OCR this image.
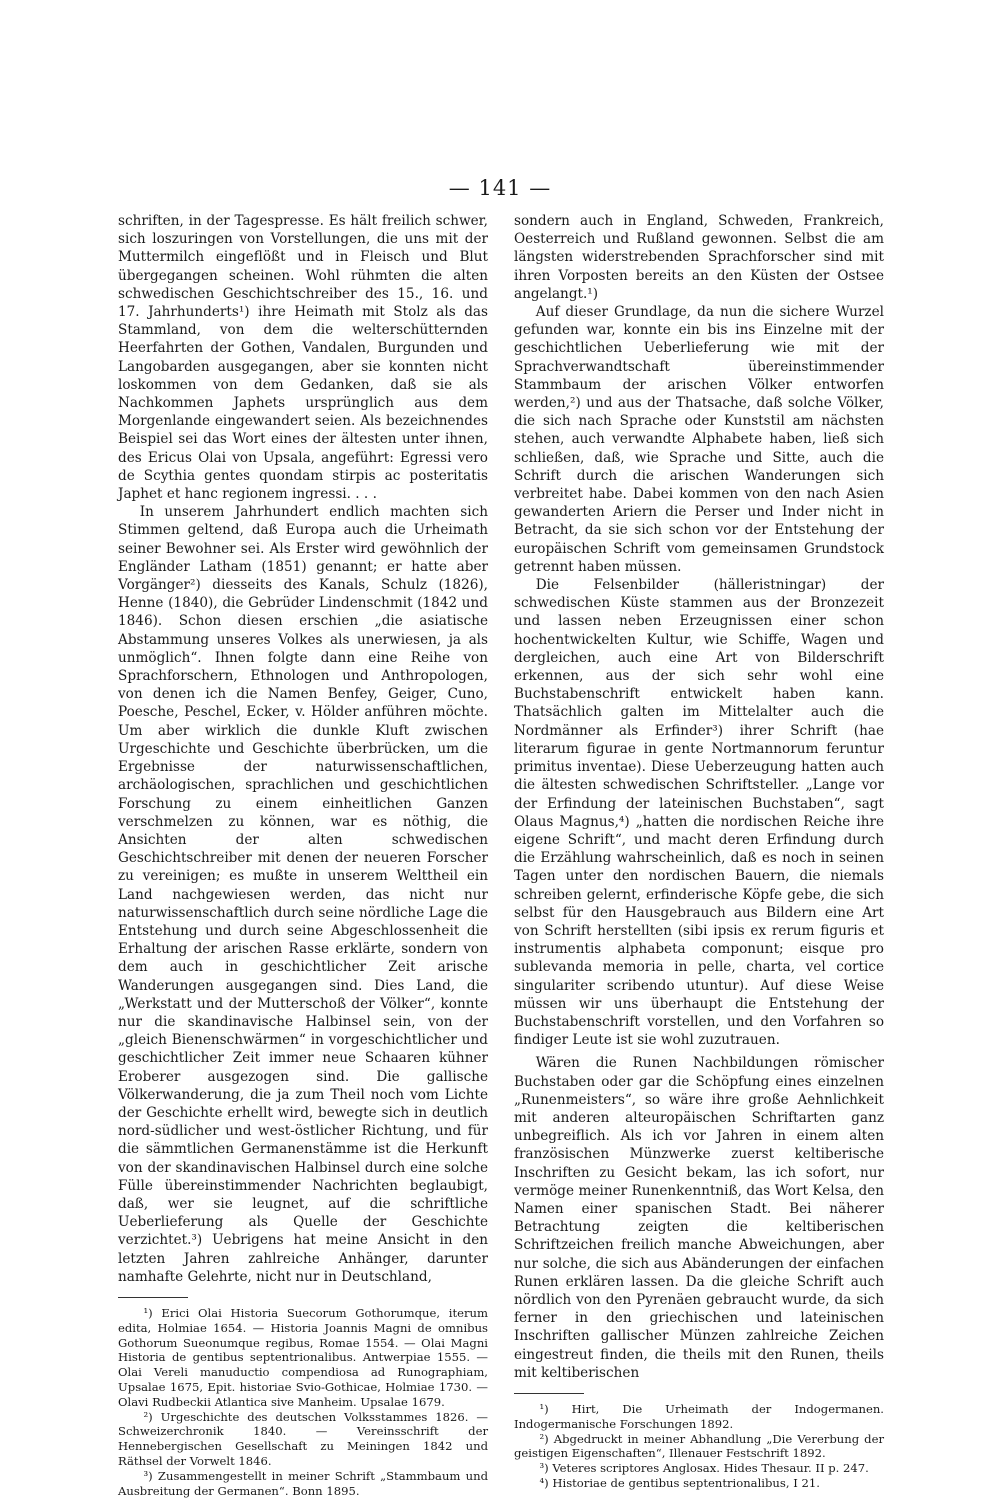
— 141 —

schriften, in der Tagespresse. Es hält freilich schwer, sich loszuringen von Vorstellungen, die uns mit der Muttermilch eingeflößt und in Fleisch und Blut übergegangen scheinen. Wohl rühmten die alten schwedischen Geschichtschreiber des 15., 16. und 17. Jahrhunderts¹) ihre Heimath mit Stolz als das Stammland, von dem die welterschütternden Heerfahrten der Gothen, Vandalen, Burgunden und Langobarden ausgegangen, aber sie konnten nicht loskommen von dem Gedanken, daß sie als Nachkommen Japhets ursprünglich aus dem Morgenlande eingewandert seien. Als bezeichnendes Beispiel sei das Wort eines der ältesten unter ihnen, des Ericus Olai von Upsala, angeführt: Egressi vero de Scythia gentes quondam stirpis ac posteritatis Japhet et hanc regionem ingressi. . . .

In unserem Jahrhundert endlich machten sich Stimmen geltend, daß Europa auch die Urheimath seiner Bewohner sei. Als Erster wird gewöhnlich der Engländer Latham (1851) genannt; er hatte aber Vorgänger²) diesseits des Kanals, Schulz (1826), Henne (1840), die Gebrüder Lindenschmit (1842 und 1846). Schon diesen erschien „die asiatische Abstammung unseres Volkes als unerwiesen, ja als unmöglich“. Ihnen folgte dann eine Reihe von Sprachforschern, Ethnologen und Anthropologen, von denen ich die Namen Benfey, Geiger, Cuno, Poesche, Peschel, Ecker, v. Hölder anführen möchte. Um aber wirklich die dunkle Kluft zwischen Urgeschichte und Geschichte überbrücken, um die Ergebnisse der naturwissenschaftlichen, archäologischen, sprachlichen und geschichtlichen Forschung zu einem einheitlichen Ganzen verschmelzen zu können, war es nöthig, die Ansichten der alten schwedischen Geschichtschreiber mit denen der neueren Forscher zu vereinigen; es mußte in unserem Welttheil ein Land nachgewiesen werden, das nicht nur naturwissenschaftlich durch seine nördliche Lage die Entstehung und durch seine Abgeschlossenheit die Erhaltung der arischen Rasse erklärte, sondern von dem auch in geschichtlicher Zeit arische Wanderungen ausgegangen sind. Dies Land, die „Werkstatt und der Mutterschoß der Völker“, konnte nur die skandinavische Halbinsel sein, von der „gleich Bienenschwärmen“ in vorgeschichtlicher und geschichtlicher Zeit immer neue Schaaren kühner Eroberer ausgezogen sind. Die gallische Völkerwanderung, die ja zum Theil noch vom Lichte der Geschichte erhellt wird, bewegte sich in deutlich nord-südlicher und west-östlicher Richtung, und für die sämmtlichen Germanenstämme ist die Herkunft von der skandinavischen Halbinsel durch eine solche Fülle übereinstimmender Nachrichten beglaubigt, daß, wer sie leugnet, auf die schriftliche Ueberlieferung als Quelle der Geschichte verzichtet.³) Uebrigens hat meine Ansicht in den letzten Jahren zahlreiche Anhänger, darunter namhafte Gelehrte, nicht nur in Deutschland,

¹) Erici Olai Historia Suecorum Gothorumque, iterum edita, Holmiae 1654. — Historia Joannis Magni de omnibus Gothorum Sueonumque regibus, Romae 1554. — Olai Magni Historia de gentibus septentrionalibus. Antwerpiae 1555. — Olai Vereli manuductio compendiosa ad Runographiam, Upsalae 1675, Epit. historiae Svio-Gothicae, Holmiae 1730. — Olavi Rudbeckii Atlantica sive Manheim. Upsalae 1679.

²) Urgeschichte des deutschen Volksstammes 1826. — Schweizerchronik 1840. — Vereinsschrift der Hennebergischen Gesellschaft zu Meiningen 1842 und Räthsel der Vorwelt 1846.

³) Zusammengestellt in meiner Schrift „Stammbaum und Ausbreitung der Germanen“. Bonn 1895.

sondern auch in England, Schweden, Frankreich, Oesterreich und Rußland gewonnen. Selbst die am längsten widerstrebenden Sprachforscher sind mit ihren Vorposten bereits an den Küsten der Ostsee angelangt.¹)

Auf dieser Grundlage, da nun die sichere Wurzel gefunden war, konnte ein bis ins Einzelne mit der geschichtlichen Ueberlieferung wie mit der Sprachverwandtschaft übereinstimmender Stammbaum der arischen Völker entworfen werden,²) und aus der Thatsache, daß solche Völker, die sich nach Sprache oder Kunststil am nächsten stehen, auch verwandte Alphabete haben, ließ sich schließen, daß, wie Sprache und Sitte, auch die Schrift durch die arischen Wanderungen sich verbreitet habe. Dabei kommen von den nach Asien gewanderten Ariern die Perser und Inder nicht in Betracht, da sie sich schon vor der Entstehung der europäischen Schrift vom gemeinsamen Grundstock getrennt haben müssen.

Die Felsenbilder (hälleristningar) der schwedischen Küste stammen aus der Bronzezeit und lassen neben Erzeugnissen einer schon hochentwickelten Kultur, wie Schiffe, Wagen und dergleichen, auch eine Art von Bilderschrift erkennen, aus der sich sehr wohl eine Buchstabenschrift entwickelt haben kann. Thatsächlich galten im Mittelalter auch die Nordmänner als Erfinder³) ihrer Schrift (hae literarum figurae in gente Nortmannorum feruntur primitus inventae). Diese Ueberzeugung hatten auch die ältesten schwedischen Schriftsteller. „Lange vor der Erfindung der lateinischen Buchstaben“, sagt Olaus Magnus,⁴) „hatten die nordischen Reiche ihre eigene Schrift“, und macht deren Erfindung durch die Erzählung wahrscheinlich, daß es noch in seinen Tagen unter den nordischen Bauern, die niemals schreiben gelernt, erfinderische Köpfe gebe, die sich selbst für den Hausgebrauch aus Bildern eine Art von Schrift herstellten (sibi ipsis ex rerum figuris et instrumentis alphabeta componunt; eisque pro sublevanda memoria in pelle, charta, vel cortice singulariter scribendo utuntur). Auf diese Weise müssen wir uns überhaupt die Entstehung der Buchstabenschrift vorstellen, und den Vorfahren so findiger Leute ist sie wohl zuzutrauen.

Wären die Runen Nachbildungen römischer Buchstaben oder gar die Schöpfung eines einzelnen „Runenmeisters“, so wäre ihre große Aehnlichkeit mit anderen alteuropäischen Schriftarten ganz unbegreiflich. Als ich vor Jahren in einem alten französischen Münzwerke zuerst keltiberische Inschriften zu Gesicht bekam, las ich sofort, nur vermöge meiner Runenkenntniß, das Wort Kelsa, den Namen einer spanischen Stadt. Bei näherer Betrachtung zeigten die keltiberischen Schriftzeichen freilich manche Abweichungen, aber nur solche, die sich aus Abänderungen der einfachen Runen erklären lassen. Da die gleiche Schrift auch nördlich von den Pyrenäen gebraucht wurde, da sich ferner in den griechischen und lateinischen Inschriften gallischer Münzen zahlreiche Zeichen eingestreut finden, die theils mit den Runen, theils mit keltiberischen

¹) Hirt, Die Urheimath der Indogermanen. Indogermanische Forschungen 1892.

²) Abgedruckt in meiner Abhandlung „Die Vererbung der geistigen Eigenschaften“, Illenauer Festschrift 1892.

³) Veteres scriptores Anglosax. Hides Thesaur. II p. 247.

⁴) Historiae de gentibus septentrionalibus, I 21.
